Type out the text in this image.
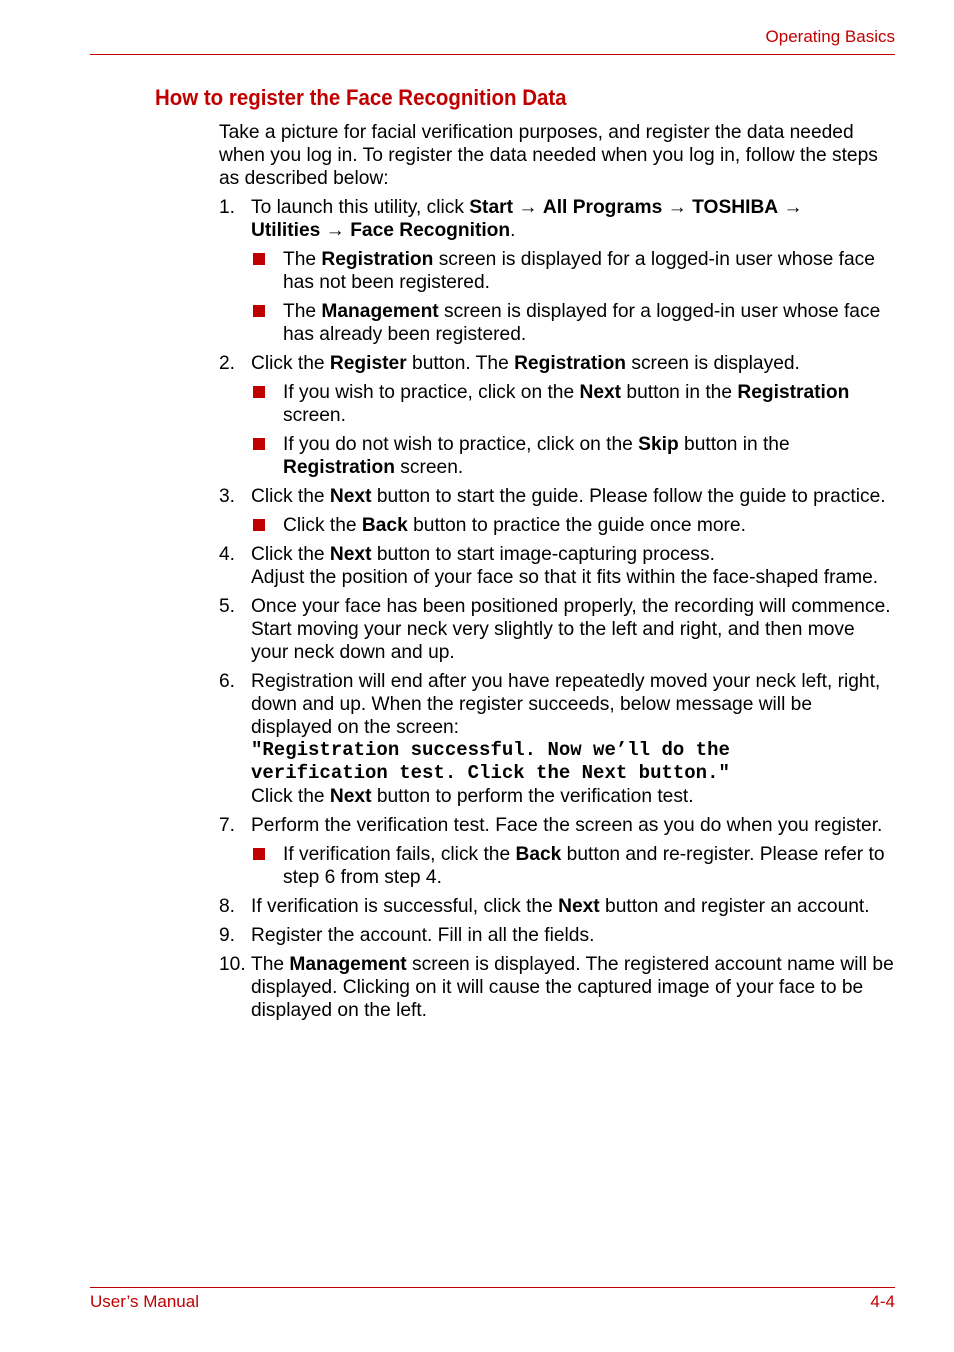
Operating Basics
How to register the Face Recognition Data

Take a picture for facial verification purposes, and register the data needed when you log in. To register the data needed when you log in, follow the steps as described below:

1. To launch this utility, click Start → All Programs → TOSHIBA →
Utilities → Face Recognition.
The Registration screen is displayed for a logged-in user whose face has not been registered.
The Management screen is displayed for a logged-in user whose face has already been registered.
2. Click the Register button. The Registration screen is displayed.
If you wish to practice, click on the Next button in the Registration screen.
If you do not wish to practice, click on the Skip button in the
Registration screen.
3. Click the Next button to start the guide. Please follow the guide to practice.
Click the Back button to practice the guide once more.
4. Click the Next button to start image-capturing process.
Adjust the position of your face so that it fits within the face-shaped frame.
5. Once your face has been positioned properly, the recording will commence. Start moving your neck very slightly to the left and right, and then move your neck down and up.
6. Registration will end after you have repeatedly moved your neck left, right, down and up. When the register succeeds, below message will be displayed on the screen:
"Registration successful. Now we’ll do the
verification test. Click the Next button."
Click the Next button to perform the verification test.
7. Perform the verification test. Face the screen as you do when you register.
If verification fails, click the Back button and re-register. Please refer to step 6 from step 4.
8. If verification is successful, click the Next button and register an account.
9. Register the account. Fill in all the fields.
10. The Management screen is displayed. The registered account name will be displayed. Clicking on it will cause the captured image of your face to be displayed on the left.
User’s Manual	4-4
